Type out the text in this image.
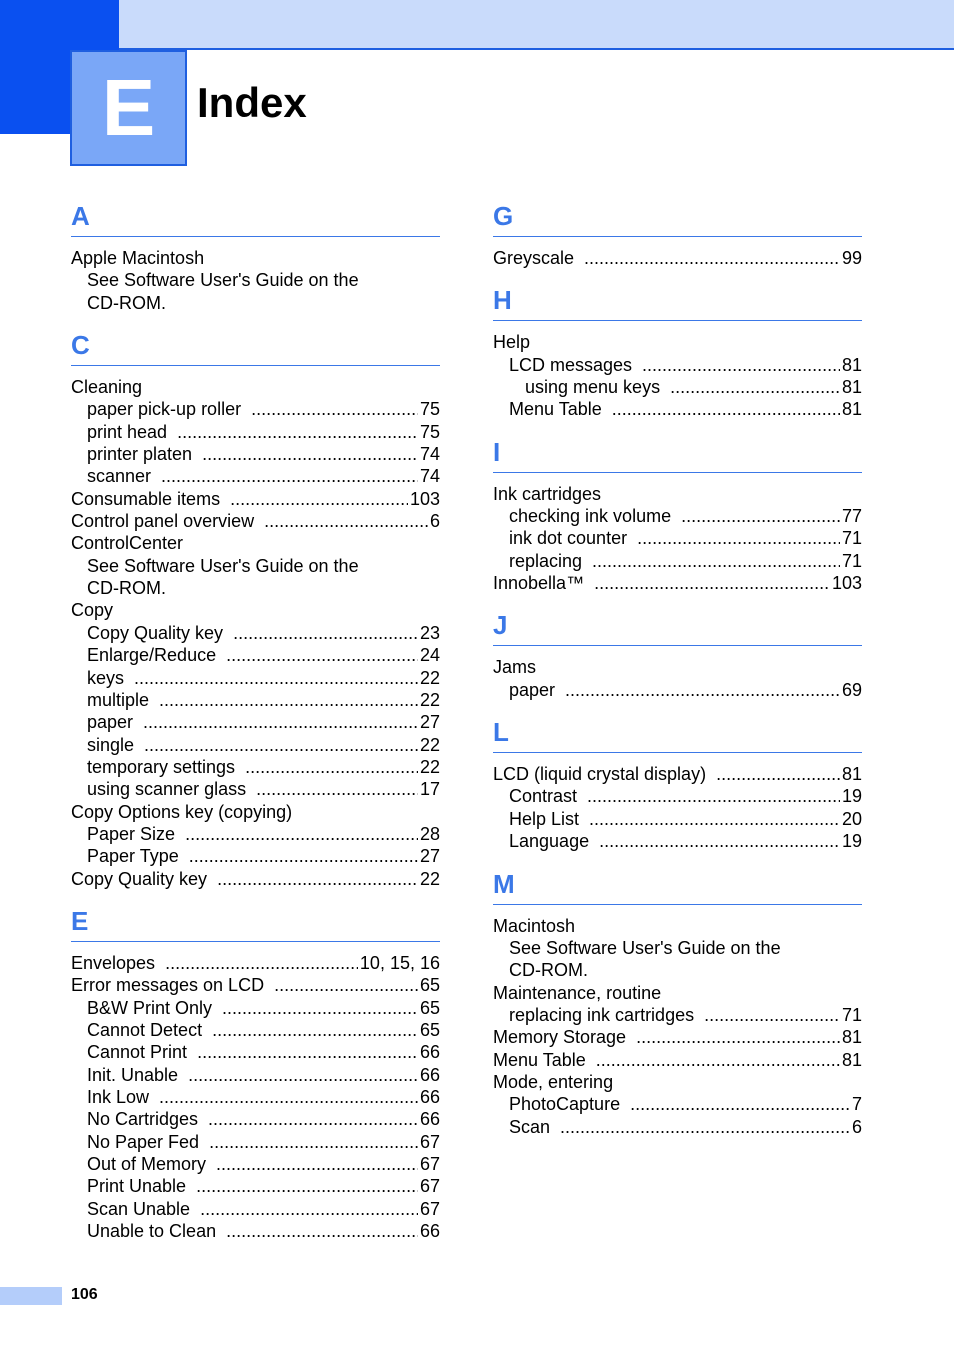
E Index
A
Apple Macintosh
See Software User's Guide on the
CD-ROM.
C
Cleaning
paper pick-up roller .....	75
print head .....	75
printer platen .....	74
scanner .....	74
Consumable items .....	103
Control panel overview .....	6
ControlCenter
See Software User's Guide on the
CD-ROM.
Copy
Copy Quality key .....	23
Enlarge/Reduce .....	24
keys .....	22
multiple .....	22
paper .....	27
single .....	22
temporary settings .....	22
using scanner glass .....	17
Copy Options key (copying)
Paper Size .....	28
Paper Type .....	27
Copy Quality key .....	22
E
Envelopes .....	10, 15, 16
Error messages on LCD .....	65
B&W Print Only .....	65
Cannot Detect .....	65
Cannot Print .....	66
Init. Unable .....	66
Ink Low .....	66
No Cartridges .....	66
No Paper Fed .....	67
Out of Memory .....	67
Print Unable .....	67
Scan Unable .....	67
Unable to Clean .....	66
G
Greyscale .....	99
H
Help
LCD messages .....	81
using menu keys .....	81
Menu Table .....	81
I
Ink cartridges
checking ink volume .....	77
ink dot counter .....	71
replacing .....	71
Innobella™ .....	103
J
Jams
paper .....	69
L
LCD (liquid crystal display) .....	81
Contrast .....	19
Help List .....	20
Language .....	19
M
Macintosh
See Software User's Guide on the
CD-ROM.
Maintenance, routine
replacing ink cartridges .....	71
Memory Storage .....	81
Menu Table .....	81
Mode, entering
PhotoCapture .....	7
Scan .....	6
106
